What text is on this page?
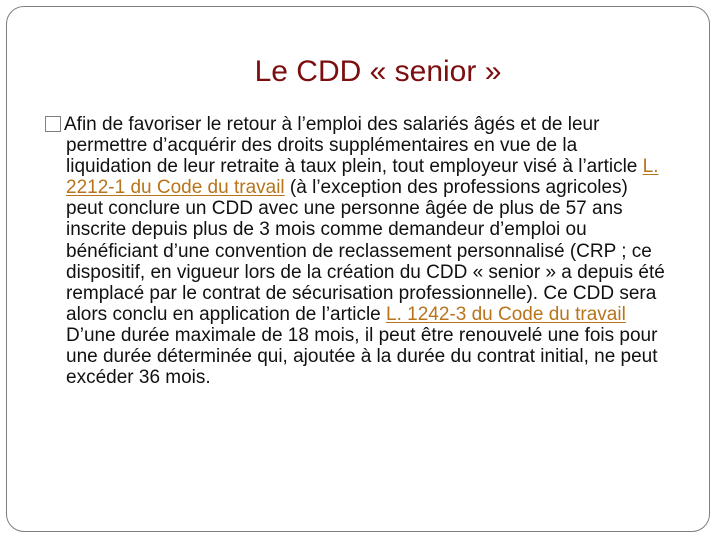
Le CDD « senior »

Afin de favoriser le retour à l’emploi des salariés âgés et de leur permettre d’acquérir des droits supplémentaires en vue de la liquidation de leur retraite à taux plein, tout employeur visé à l’article L. 2212-1 du Code du travail (à l’exception des professions agricoles) peut conclure un CDD avec une personne âgée de plus de 57 ans inscrite depuis plus de 3 mois comme demandeur d’emploi ou bénéficiant d’une convention de reclassement personnalisé (CRP ; ce dispositif, en vigueur lors de la création du CDD « senior » a depuis été remplacé par le contrat de sécurisation professionnelle). Ce CDD sera alors conclu en application de l’article L. 1242-3 du Code du travail
D’une durée maximale de 18 mois, il peut être renouvelé une fois pour une durée déterminée qui, ajoutée à la durée du contrat initial, ne peut excéder 36 mois.
